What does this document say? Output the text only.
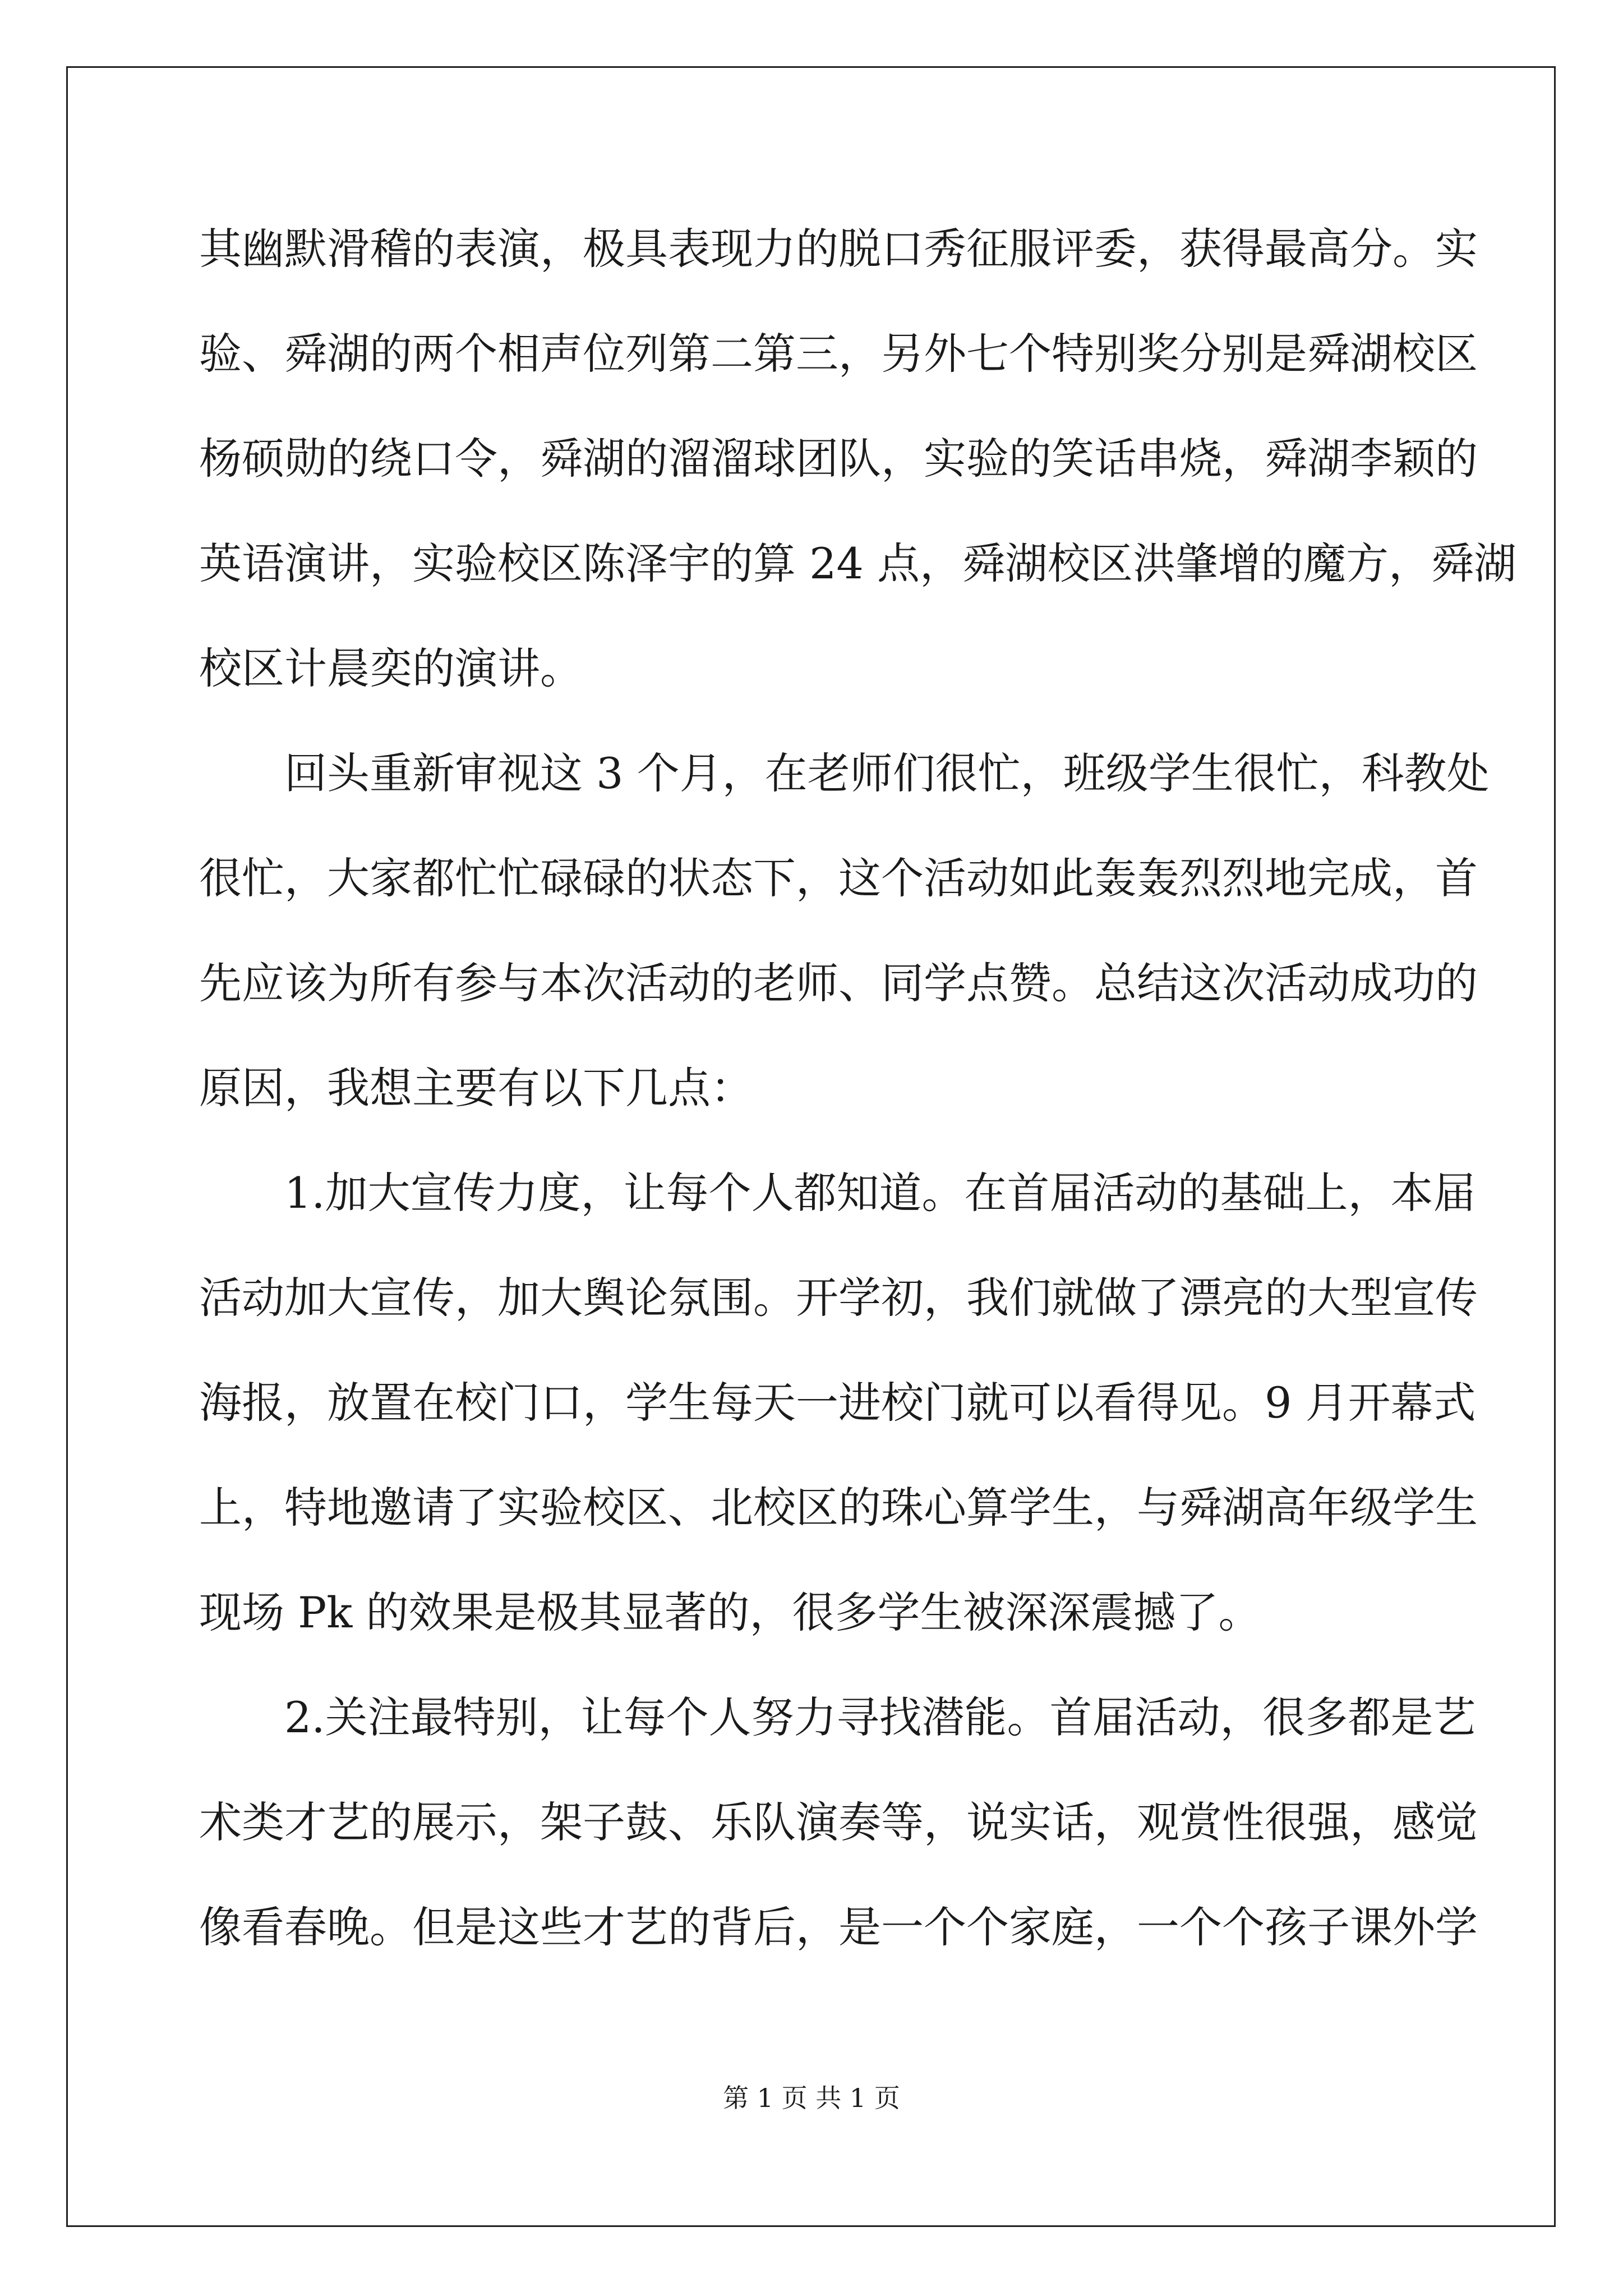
其幽默滑稽的表演，极具表现力的脱口秀征服评委，获得最高分。实
验、舜湖的两个相声位列第二第三，另外七个特别奖分别是舜湖校区
杨硕勋的绕口令，舜湖的溜溜球团队，实验的笑话串烧，舜湖李颖的
英语演讲，实验校区陈泽宇的算 24 点，舜湖校区洪肇增的魔方，舜湖
校区计晨奕的演讲。
回头重新审视这 3 个月，在老师们很忙，班级学生很忙，科教处
很忙，大家都忙忙碌碌的状态下，这个活动如此轰轰烈烈地完成，首
先应该为所有参与本次活动的老师、同学点赞。总结这次活动成功的
原因，我想主要有以下几点：
1.加大宣传力度，让每个人都知道。在首届活动的基础上，本届
活动加大宣传，加大舆论氛围。开学初，我们就做了漂亮的大型宣传
海报，放置在校门口，学生每天一进校门就可以看得见。9 月开幕式
上，特地邀请了实验校区、北校区的珠心算学生，与舜湖高年级学生
现场 Pk 的效果是极其显著的，很多学生被深深震撼了。
2.关注最特别，让每个人努力寻找潜能。首届活动，很多都是艺
术类才艺的展示，架子鼓、乐队演奏等，说实话，观赏性很强，感觉
像看春晚。但是这些才艺的背后，是一个个家庭，一个个孩子课外学
第 1 页 共 1 页
